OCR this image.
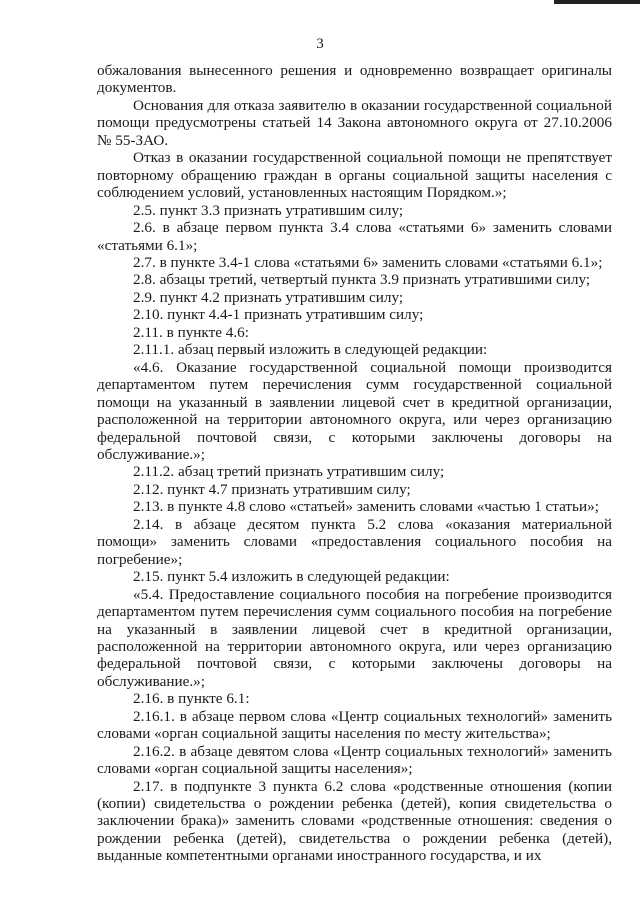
3

обжалования вынесенного решения и одновременно возвращает оригиналы документов.

Основания для отказа заявителю в оказании государственной социальной помощи предусмотрены статьей 14 Закона автономного округа от 27.10.2006 № 55-ЗАО.

Отказ в оказании государственной социальной помощи не препятствует повторному обращению граждан в органы социальной защиты населения с соблюдением условий, установленных настоящим Порядком.»;

2.5. пункт 3.3 признать утратившим силу;

2.6. в абзаце первом пункта 3.4 слова «статьями 6» заменить словами «статьями 6.1»;

2.7. в пункте 3.4-1 слова «статьями 6» заменить словами «статьями 6.1»;

2.8. абзацы третий, четвертый пункта 3.9 признать утратившими силу;

2.9. пункт 4.2 признать утратившим силу;

2.10. пункт 4.4-1 признать утратившим силу;

2.11. в пункте 4.6:

2.11.1. абзац первый изложить в следующей редакции:

«4.6. Оказание государственной социальной помощи производится департаментом путем перечисления сумм государственной социальной помощи на указанный в заявлении лицевой счет в кредитной организации, расположенной на территории автономного округа, или через организацию федеральной почтовой связи, с которыми заключены договоры на обслуживание.»;

2.11.2. абзац третий признать утратившим силу;

2.12. пункт 4.7 признать утратившим силу;

2.13. в пункте 4.8 слово «статьей» заменить словами «частью 1 статьи»;

2.14. в абзаце десятом пункта 5.2 слова «оказания материальной помощи» заменить словами «предоставления социального пособия на погребение»;

2.15. пункт 5.4 изложить в следующей редакции:

«5.4. Предоставление социального пособия на погребение производится департаментом путем перечисления сумм социального пособия на погребение на указанный в заявлении лицевой счет в кредитной организации, расположенной на территории автономного округа, или через организацию федеральной почтовой связи, с которыми заключены договоры на обслуживание.»;

2.16. в пункте 6.1:

2.16.1. в абзаце первом слова «Центр социальных технологий» заменить словами «орган социальной защиты населения по месту жительства»;

2.16.2. в абзаце девятом слова «Центр социальных технологий» заменить словами «орган социальной защиты населения»;

2.17. в подпункте 3 пункта 6.2 слова «родственные отношения (копии (копии) свидетельства о рождении ребенка (детей), копия свидетельства о заключении брака)» заменить словами «родственные отношения: сведения о рождении ребенка (детей), свидетельства о рождении ребенка (детей), выданные компетентными органами иностранного государства, и их
